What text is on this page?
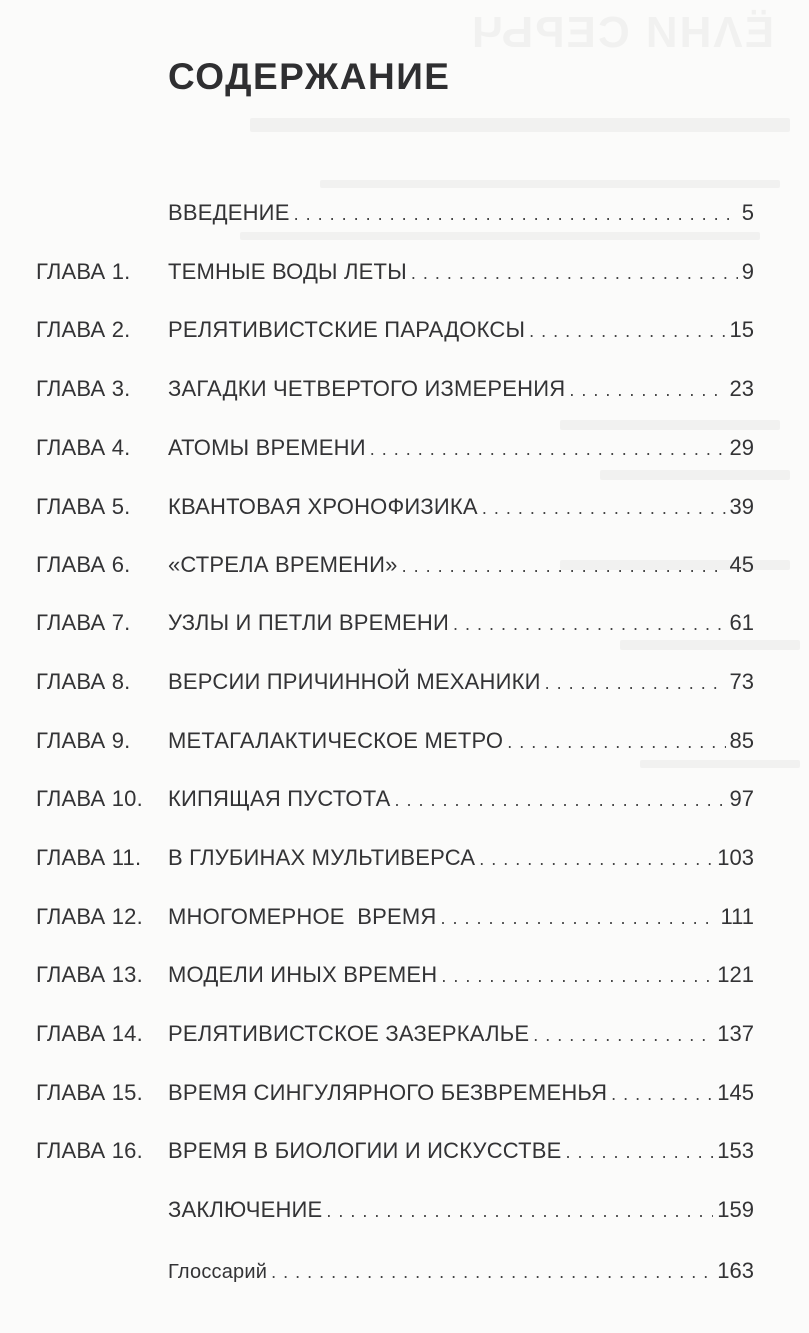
ЁΛНИ СЕРЬЧ
СОДЕРЖАНИЕ
ВВЕДЕНИЕ . . .	5
ГЛАВА 1. ТЕМНЫЕ ВОДЫ ЛЕТЫ . . .	9
ГЛАВА 2. РЕЛЯТИВИСТСКИЕ ПАРАДОКСЫ . . .	15
ГЛАВА 3. ЗАГАДКИ ЧЕТВЕРТОГО ИЗМЕРЕНИЯ . . .	23
ГЛАВА 4. АТОМЫ ВРЕМЕНИ . . .	29
ГЛАВА 5. КВАНТОВАЯ ХРОНОФИЗИКА . . .	39
ГЛАВА 6. «СТРЕЛА ВРЕМЕНИ» . . .	45
ГЛАВА 7. УЗЛЫ И ПЕТЛИ ВРЕМЕНИ . . .	61
ГЛАВА 8. ВЕРСИИ ПРИЧИННОЙ МЕХАНИКИ . . .	73
ГЛАВА 9. МЕТАГАЛАКТИЧЕСКОЕ МЕТРО . . .	85
ГЛАВА 10. КИПЯЩАЯ ПУСТОТА . . .	97
ГЛАВА 11. В ГЛУБИНАХ МУЛЬТИВЕРСА . . .	103
ГЛАВА 12. МНОГОМЕРНОЕ  ВРЕМЯ . . .	111
ГЛАВА 13. МОДЕЛИ ИНЫХ ВРЕМЕН . . .	121
ГЛАВА 14. РЕЛЯТИВИСТСКОЕ ЗАЗЕРКАЛЬЕ . . .	137
ГЛАВА 15. ВРЕМЯ СИНГУЛЯРНОГО БЕЗВРЕМЕНЬЯ . . .	145
ГЛАВА 16. ВРЕМЯ В БИОЛОГИИ И ИСКУССТВЕ . . .	153
ЗАКЛЮЧЕНИЕ . . .	159
Глоссарий . . .	163
